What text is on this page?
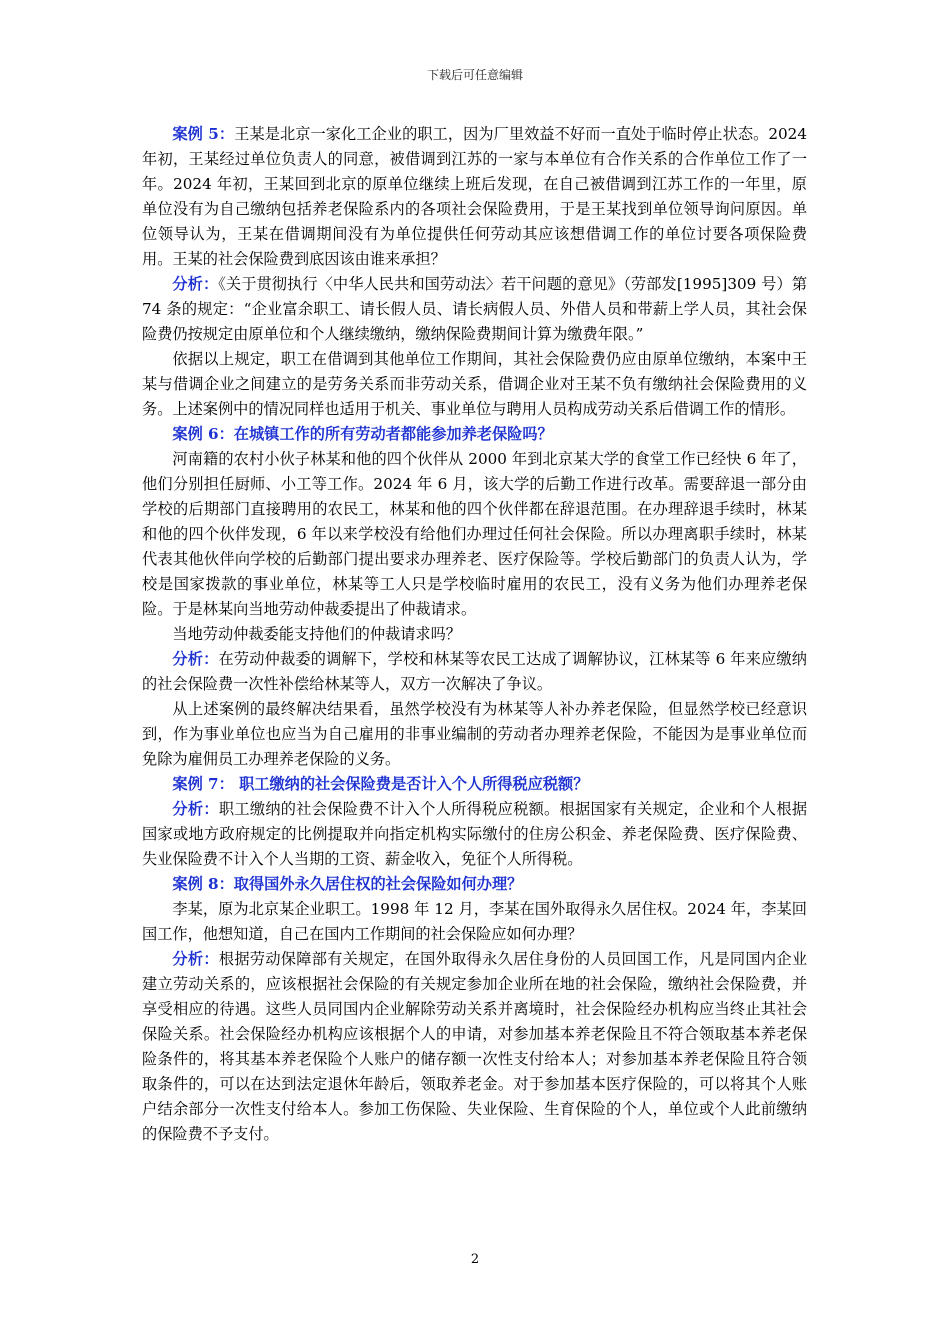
下载后可任意编辑

案例 5：王某是北京一家化工企业的职工，因为厂里效益不好而一直处于临时停止状态。2024 年初，王某经过单位负责人的同意，被借调到江苏的一家与本单位有合作关系的合作单位工作了一年。2024 年初，王某回到北京的原单位继续上班后发现，在自己被借调到江苏工作的一年里，原单位没有为自己缴纳包括养老保险系内的各项社会保险费用，于是王某找到单位领导询问原因。单位领导认为，王某在借调期间没有为单位提供任何劳动其应该想借调工作的单位讨要各项保险费用。王某的社会保险费到底因该由谁来承担？

分析：《关于贯彻执行〈中华人民共和国劳动法〉若干问题的意见》（劳部发[1995]309 号）第 74 条的规定：“企业富余职工、请长假人员、请长病假人员、外借人员和带薪上学人员，其社会保险费仍按规定由原单位和个人继续缴纳，缴纳保险费期间计算为缴费年限。”

依据以上规定，职工在借调到其他单位工作期间，其社会保险费仍应由原单位缴纳，本案中王某与借调企业之间建立的是劳务关系而非劳动关系，借调企业对王某不负有缴纳社会保险费用的义务。上述案例中的情况同样也适用于机关、事业单位与聘用人员构成劳动关系后借调工作的情形。

案例 6：在城镇工作的所有劳动者都能参加养老保险吗？

河南籍的农村小伙子林某和他的四个伙伴从 2000 年到北京某大学的食堂工作已经快 6 年了，他们分别担任厨师、小工等工作。2024 年 6 月，该大学的后勤工作进行改革。需要辞退一部分由学校的后期部门直接聘用的农民工，林某和他的四个伙伴都在辞退范围。在办理辞退手续时，林某和他的四个伙伴发现，6 年以来学校没有给他们办理过任何社会保险。所以办理离职手续时，林某代表其他伙伴向学校的后勤部门提出要求办理养老、医疗保险等。学校后勤部门的负责人认为，学校是国家拨款的事业单位，林某等工人只是学校临时雇用的农民工，没有义务为他们办理养老保险。于是林某向当地劳动仲裁委提出了仲裁请求。

当地劳动仲裁委能支持他们的仲裁请求吗？

分析：在劳动仲裁委的调解下，学校和林某等农民工达成了调解协议，江林某等 6 年来应缴纳的社会保险费一次性补偿给林某等人，双方一次解决了争议。

从上述案例的最终解决结果看，虽然学校没有为林某等人补办养老保险，但显然学校已经意识到，作为事业单位也应当为自己雇用的非事业编制的劳动者办理养老保险，不能因为是事业单位而免除为雇佣员工办理养老保险的义务。

案例 7： 职工缴纳的社会保险费是否计入个人所得税应税额？

分析：职工缴纳的社会保险费不计入个人所得税应税额。根据国家有关规定，企业和个人根据国家或地方政府规定的比例提取并向指定机构实际缴付的住房公积金、养老保险费、医疗保险费、失业保险费不计入个人当期的工资、薪金收入，免征个人所得税。

案例 8：取得国外永久居住权的社会保险如何办理？

李某，原为北京某企业职工。1998 年 12 月，李某在国外取得永久居住权。2024 年，李某回国工作，他想知道，自己在国内工作期间的社会保险应如何办理？

分析：根据劳动保障部有关规定，在国外取得永久居住身份的人员回国工作，凡是同国内企业建立劳动关系的，应该根据社会保险的有关规定参加企业所在地的社会保险，缴纳社会保险费，并享受相应的待遇。这些人员同国内企业解除劳动关系并离境时，社会保险经办机构应当终止其社会保险关系。社会保险经办机构应该根据个人的申请，对参加基本养老保险且不符合领取基本养老保险条件的，将其基本养老保险个人账户的储存额一次性支付给本人；对参加基本养老保险且符合领取条件的，可以在达到法定退休年龄后，领取养老金。对于参加基本医疗保险的，可以将其个人账户结余部分一次性支付给本人。参加工伤保险、失业保险、生育保险的个人，单位或个人此前缴纳的保险费不予支付。

2
